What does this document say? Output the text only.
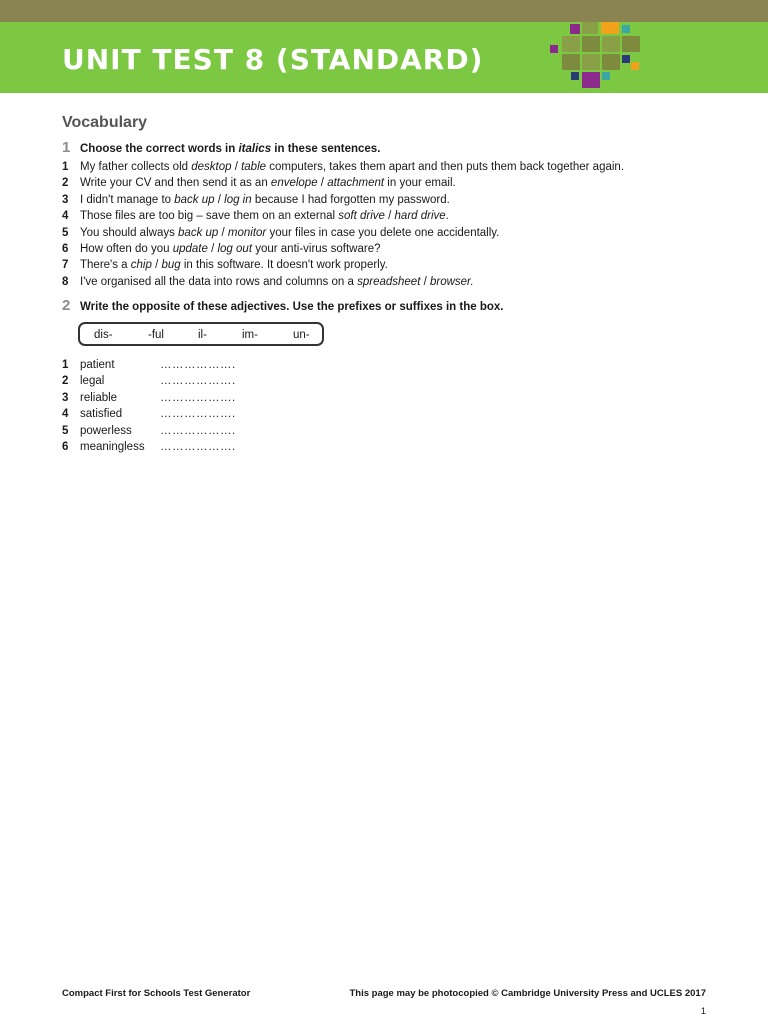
UNIT TEST 8 (STANDARD)
Vocabulary
1 Choose the correct words in italics in these sentences.
1	My father collects old desktop / table computers, takes them apart and then puts them back together again.
2	Write your CV and then send it as an envelope / attachment in your email.
3	I didn't manage to back up / log in because I had forgotten my password.
4	Those files are too big – save them on an external soft drive / hard drive.
5	You should always back up / monitor your files in case you delete one accidentally.
6	How often do you update / log out your anti-virus software?
7	There's a chip / bug in this software. It doesn't work properly.
8	I've organised all the data into rows and columns on a spreadsheet / browser.
2 Write the opposite of these adjectives. Use the prefixes or suffixes in the box.
dis-	-ful	il-	im-	un-
1	patient	……………….
2	legal	……………….
3	reliable	……………….
4	satisfied	……………….
5	powerless	……………….
6	meaningless	……………….
Compact First for Schools Test Generator	This page may be photocopied © Cambridge University Press and UCLES 2017
1
